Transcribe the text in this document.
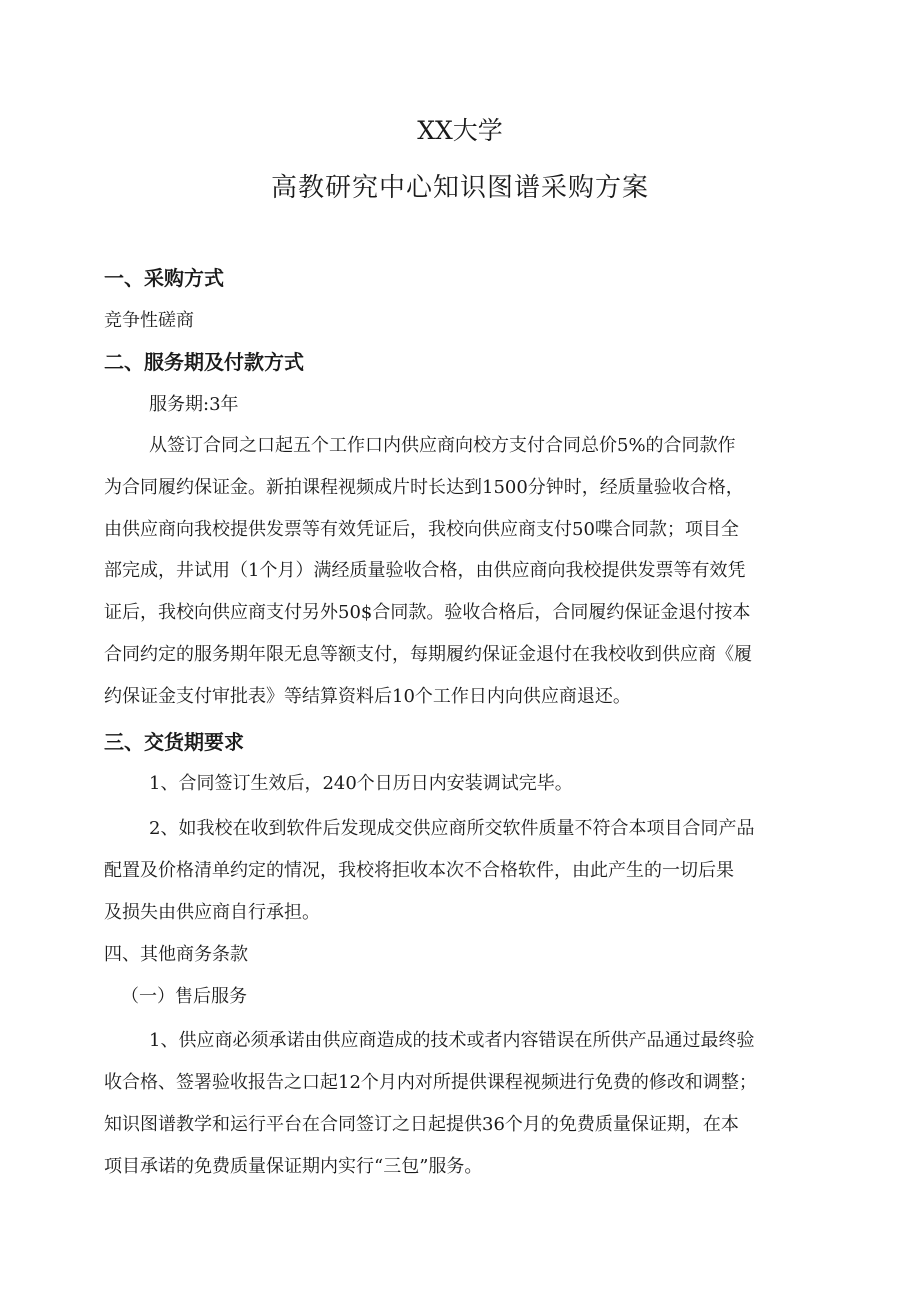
XX大学
高教研究中心知识图谱采购方案
一、采购方式
竞争性磋商
二、服务期及付款方式
服务期:3年
从签订合同之口起五个工作口内供应商向校方支付合同总价5%的合同款作
为合同履约保证金。新拍课程视频成片时长达到1500分钟时，经质量验收合格，
由供应商向我校提供发票等有效凭证后，我校向供应商支付50喋合同款；项目全
部完成，井试用（1个月）满经质量验收合格，由供应商向我校提供发票等有效凭
证后，我校向供应商支付另外50$合同款。验收合格后，合同履约保证金退付按本
合同约定的服务期年限无息等额支付，每期履约保证金退付在我校收到供应商《履
约保证金支付审批表》等结算资料后10个工作日内向供应商退还。
三、交货期要求
1、合同签订生效后，240个日历日内安装调试完毕。
2、如我校在收到软件后发现成交供应商所交软件质量不符合本项目合同产品
配置及价格清单约定的情况，我校将拒收本次不合格软件，由此产生的一切后果
及损失由供应商自行承担。
四、其他商务条款
（一）售后服务
1、供应商必须承诺由供应商造成的技术或者内容错误在所供产品通过最终验
收合格、签署验收报告之口起12个月内对所提供课程视频进行免费的修改和调整；
知识图谱教学和运行平台在合同签订之日起提供36个月的免费质量保证期，在本
项目承诺的免费质量保证期内实行“三包”服务。
